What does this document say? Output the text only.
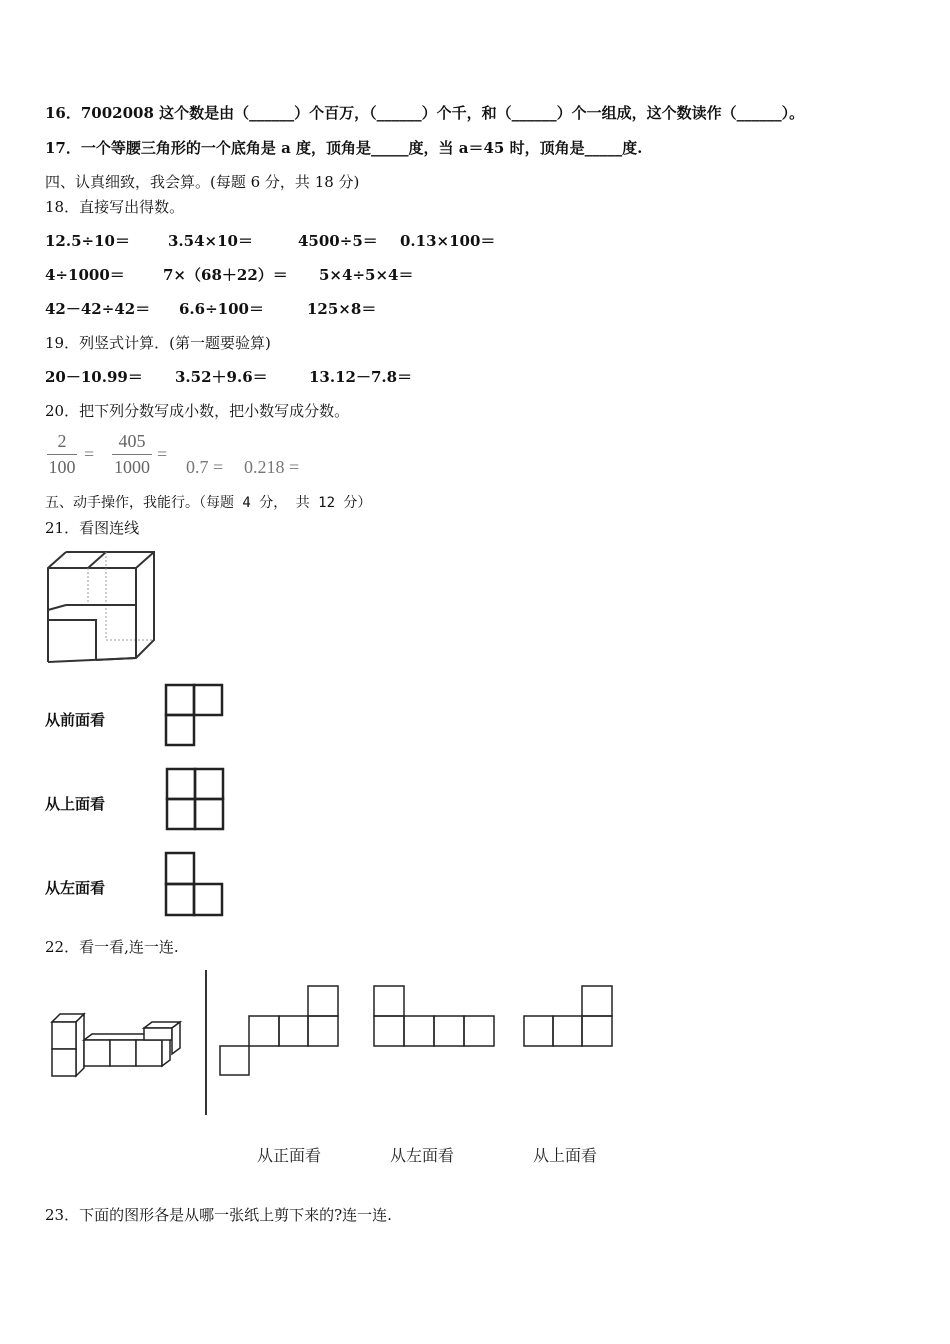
16．7002008 这个数是由（______）个百万，（______）个千，和（______）个一组成，这个数读作（______）。
17．一个等腰三角形的一个底角是 a 度，顶角是_____度，当 a＝45 时，顶角是_____度.
四、认真细致，我会算。(每题 6 分，共 18 分)
18．直接写出得数。
12.5÷10＝	3.54×10＝	4500÷5＝ 0.13×100＝
4÷1000＝	7×（68＋22）＝ 5×4÷5×4＝
42－42÷42＝ 6.6÷100＝	125×8＝
19．列竖式计算．(第一题要验算)
20－10.99＝ 3.52＋9.6＝	13.12－7.8＝
20．把下列分数写成小数，把小数写成分数。
2
100
=
405
1000
=
0.7 = 0.218 =
五、动手操作，我能行。（每题 4 分， 共 12 分）
21．看图连线
从前面看
从上面看
从左面看
22．看一看,连一连.
从正面看	从左面看	从上面看
23．下面的图形各是从哪一张纸上剪下来的?连一连.
